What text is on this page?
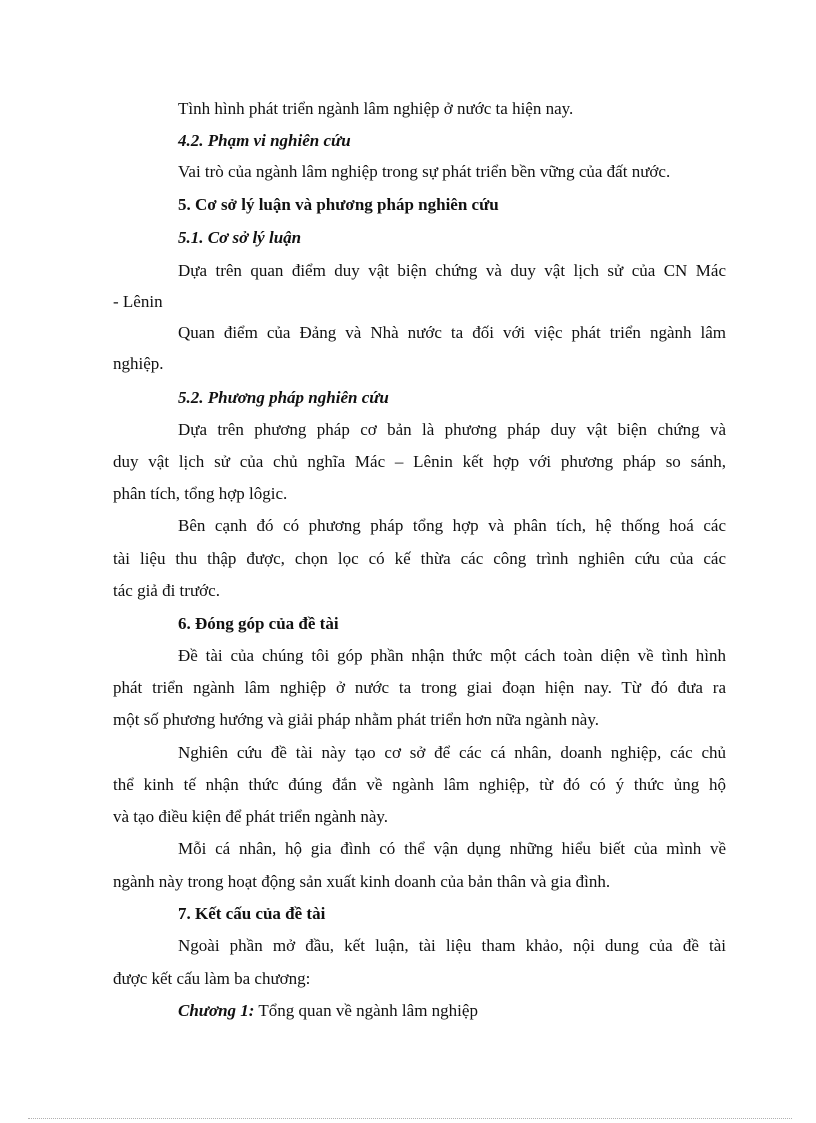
Tình hình phát triển ngành lâm nghiệp ở nước ta hiện nay.
4.2. Phạm vi nghiên cứu
Vai trò của ngành lâm nghiệp trong sự phát triển bền vững của đất nước.
5. Cơ sở lý luận và phương pháp nghiên cứu
5.1. Cơ sở lý luận
Dựa trên quan điểm duy vật biện chứng và duy vật lịch sử của CN Mác
- Lênin
Quan điểm của Đảng và Nhà nước ta đối với việc phát triển ngành lâm
nghiệp.
5.2. Phương pháp nghiên cứu
Dựa trên phương pháp cơ bản là phương pháp duy vật biện chứng và
duy vật lịch sử của chủ nghĩa Mác – Lênin kết hợp với phương pháp so sánh,
phân tích, tổng hợp lôgic.
Bên cạnh đó có phương pháp tổng hợp và phân tích, hệ thống hoá các
tài liệu thu thập được, chọn lọc có kế thừa các công trình nghiên cứu của các
tác giả đi trước.
6. Đóng góp của đề tài
Đề tài của chúng tôi góp phần nhận thức một cách toàn diện về tình hình
phát triển ngành lâm nghiệp ở nước ta trong giai đoạn hiện nay. Từ đó đưa ra
một số phương hướng và giải pháp nhằm phát triển hơn nữa ngành này.
Nghiên cứu đề tài này tạo cơ sở để các cá nhân, doanh nghiệp, các chủ
thể kinh tế nhận thức đúng đắn về ngành lâm nghiệp, từ đó có ý thức ủng hộ
và tạo điều kiện để phát triển ngành này.
Mỗi cá nhân, hộ gia đình có thể vận dụng những hiểu biết của mình về
ngành này trong hoạt động sản xuất kinh doanh của bản thân và gia đình.
7. Kết cấu của đề tài
Ngoài phần mở đầu, kết luận, tài liệu tham khảo, nội dung của đề tài
được kết cấu làm ba chương:
Chương 1: Tổng quan về ngành lâm nghiệp
